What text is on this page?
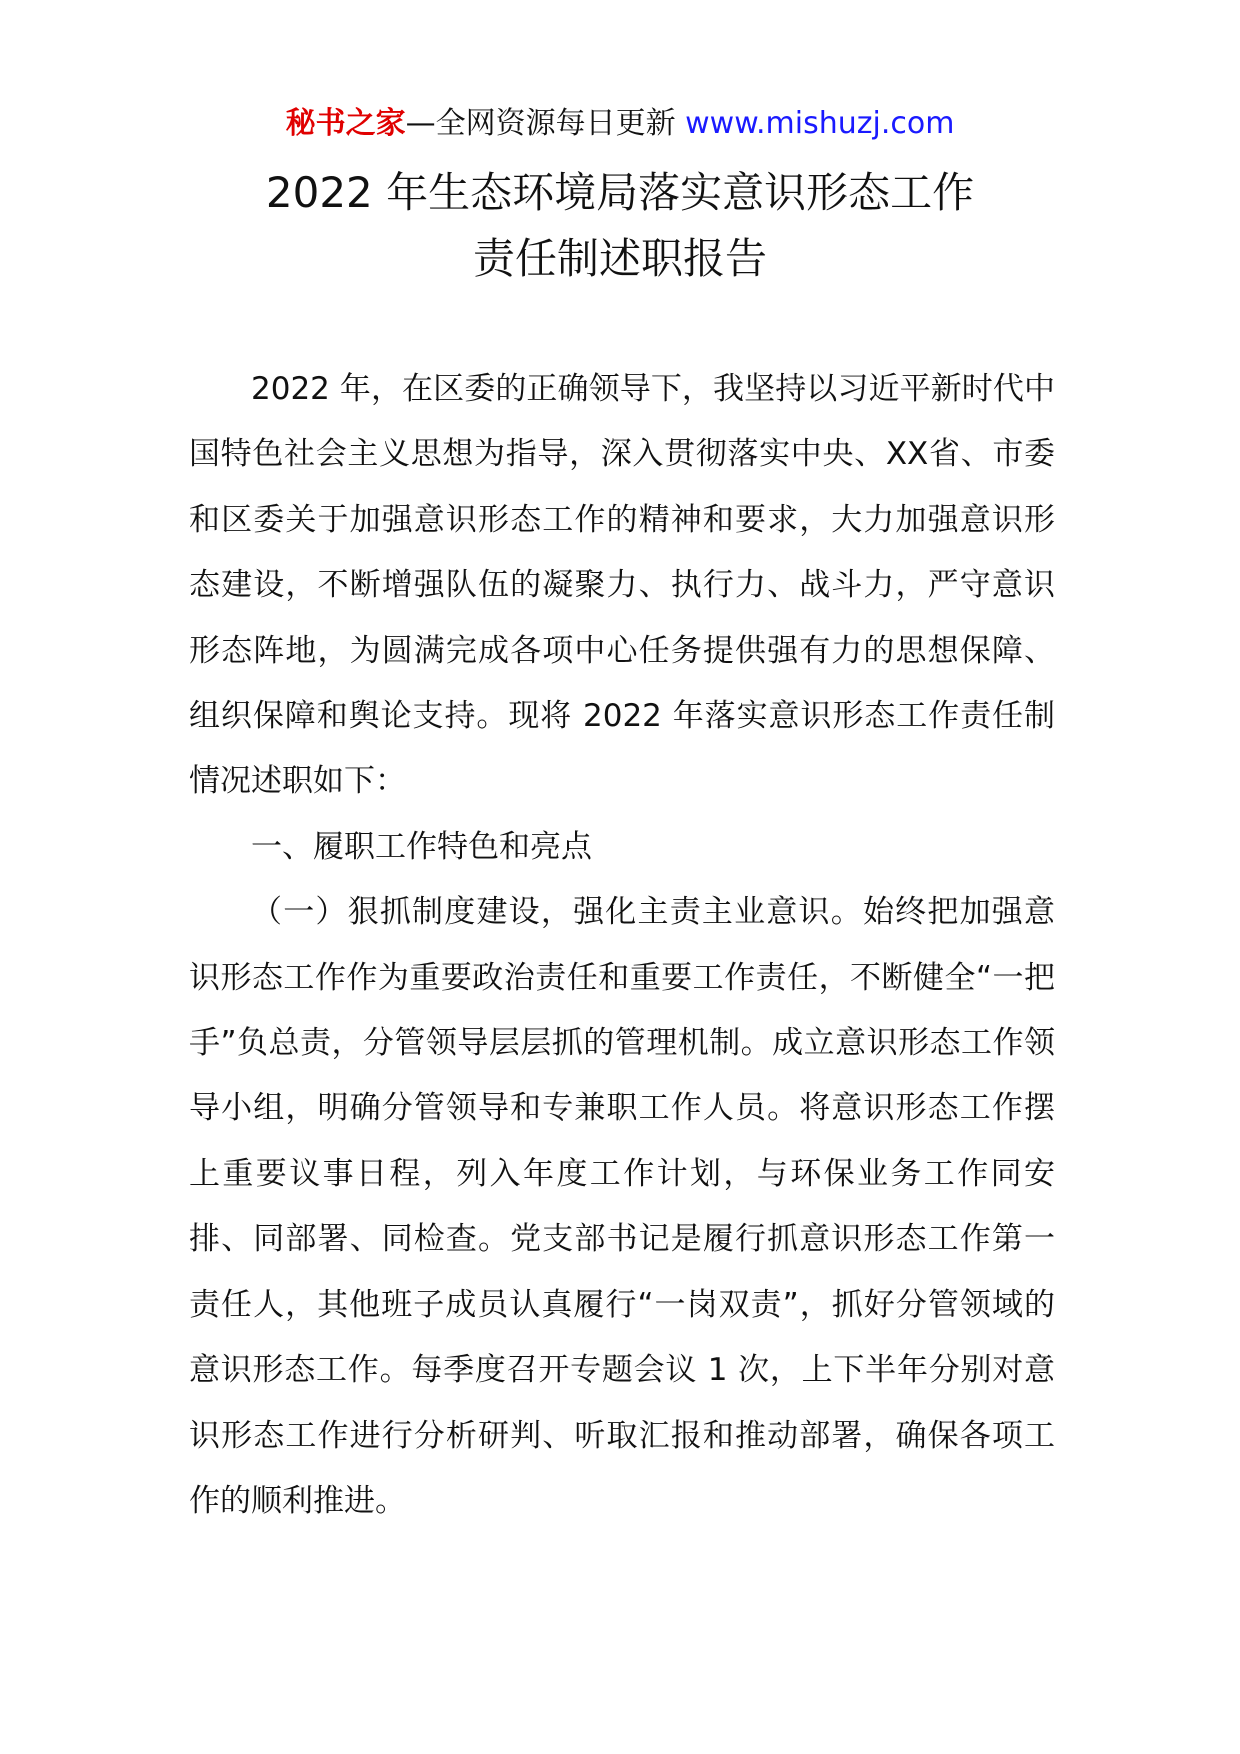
秘书之家—全网资源每日更新 www.mishuzj.com
2022 年生态环境局落实意识形态工作
责任制述职报告

2022 年，在区委的正确领导下，我坚持以习近平新时代中国特色社会主义思想为指导，深入贯彻落实中央、XX省、市委和区委关于加强意识形态工作的精神和要求，大力加强意识形态建设，不断增强队伍的凝聚力、执行力、战斗力，严守意识形态阵地，为圆满完成各项中心任务提供强有力的思想保障、组织保障和舆论支持。现将 2022 年落实意识形态工作责任制情况述职如下：

一、履职工作特色和亮点

（一）狠抓制度建设，强化主责主业意识。始终把加强意识形态工作作为重要政治责任和重要工作责任，不断健全“一把手”负总责，分管领导层层抓的管理机制。成立意识形态工作领导小组，明确分管领导和专兼职工作人员。将意识形态工作摆上重要议事日程，列入年度工作计划，与环保业务工作同安排、同部署、同检查。党支部书记是履行抓意识形态工作第一责任人，其他班子成员认真履行“一岗双责”，抓好分管领域的意识形态工作。每季度召开专题会议 1 次，上下半年分别对意识形态工作进行分析研判、听取汇报和推动部署，确保各项工作的顺利推进。
